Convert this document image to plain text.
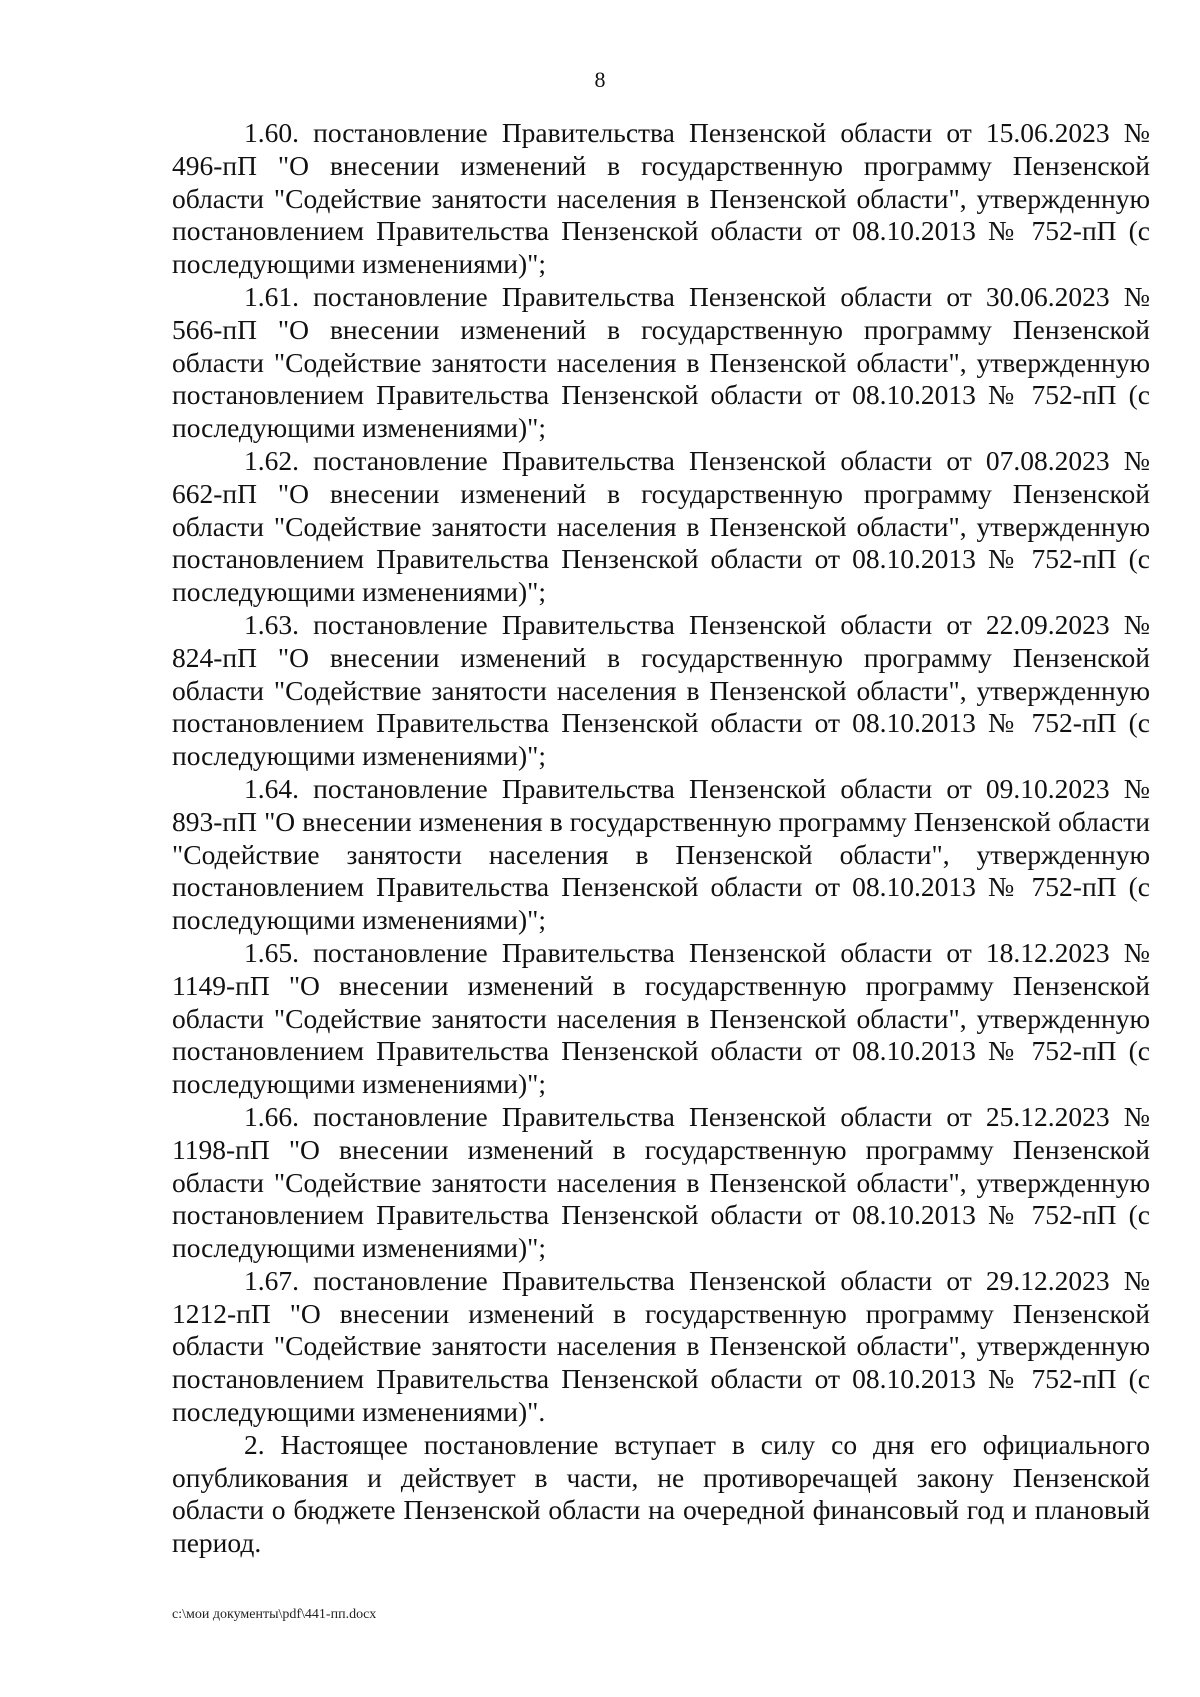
8

1.60. постановление Правительства Пензенской области от 15.06.2023 № 496-пП "О внесении изменений в государственную программу Пензенской области "Содействие занятости населения в Пензенской области", утвержденную постановлением Правительства Пензенской области от 08.10.2013 № 752-пП (с последующими изменениями)";

1.61. постановление Правительства Пензенской области от 30.06.2023 № 566-пП "О внесении изменений в государственную программу Пензенской области "Содействие занятости населения в Пензенской области", утвержденную постановлением Правительства Пензенской области от 08.10.2013 № 752-пП (с последующими изменениями)";

1.62. постановление Правительства Пензенской области от 07.08.2023 № 662-пП "О внесении изменений в государственную программу Пензенской области "Содействие занятости населения в Пензенской области", утвержденную постановлением Правительства Пензенской области от 08.10.2013 № 752-пП (с последующими изменениями)";

1.63. постановление Правительства Пензенской области от 22.09.2023 № 824-пП "О внесении изменений в государственную программу Пензенской области "Содействие занятости населения в Пензенской области", утвержденную постановлением Правительства Пензенской области от 08.10.2013 № 752-пП (с последующими изменениями)";

1.64. постановление Правительства Пензенской области от 09.10.2023 № 893-пП "О внесении изменения в государственную программу Пензенской области "Содействие занятости населения в Пензенской области", утвержденную постановлением Правительства Пензенской области от 08.10.2013 № 752-пП (с последующими изменениями)";

1.65. постановление Правительства Пензенской области от 18.12.2023 № 1149-пП "О внесении изменений в государственную программу Пензенской области "Содействие занятости населения в Пензенской области", утвержденную постановлением Правительства Пензенской области от 08.10.2013 № 752-пП (с последующими изменениями)";

1.66. постановление Правительства Пензенской области от 25.12.2023 № 1198-пП "О внесении изменений в государственную программу Пензенской области "Содействие занятости населения в Пензенской области", утвержденную постановлением Правительства Пензенской области от 08.10.2013 № 752-пП (с последующими изменениями)";

1.67. постановление Правительства Пензенской области от 29.12.2023 № 1212-пП "О внесении изменений в государственную программу Пензенской области "Содействие занятости населения в Пензенской области", утвержденную постановлением Правительства Пензенской области от 08.10.2013 № 752-пП (с последующими изменениями)".

2. Настоящее постановление вступает в силу со дня его официального опубликования и действует в части, не противоречащей закону Пензенской области о бюджете Пензенской области на очередной финансовый год и плановый период.

c:\мои документы\pdf\441-пп.docx
